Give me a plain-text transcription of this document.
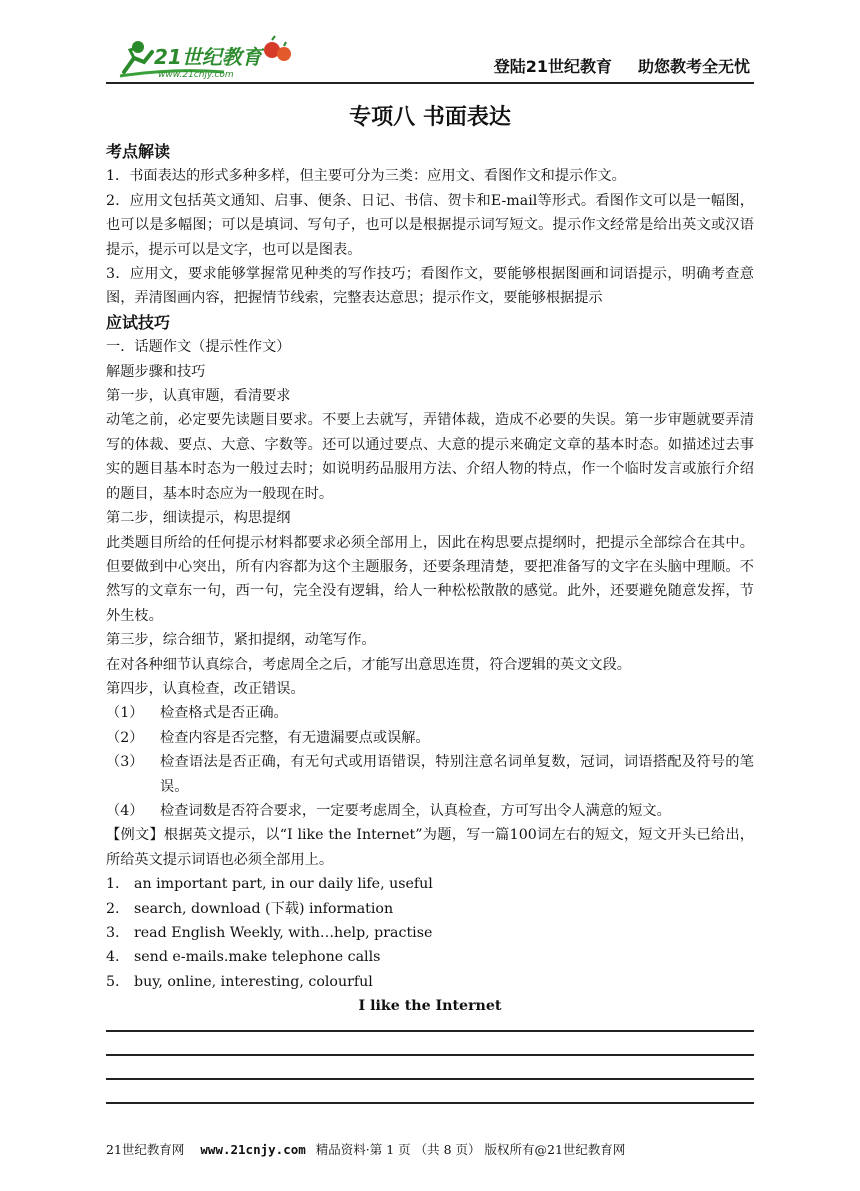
21世纪教育
www.21cnjy.com	登陆21世纪教育 助您教考全无忧
专项八 书面表达

考点解读

1．书面表达的形式多种多样，但主要可分为三类：应用文、看图作文和提示作文。

2．应用文包括英文通知、启事、便条、日记、书信、贺卡和E-mail等形式。看图作文可以是一幅图，也可以是多幅图；可以是填词、写句子，也可以是根据提示词写短文。提示作文经常是给出英文或汉语提示，提示可以是文字，也可以是图表。

3．应用文，要求能够掌握常见种类的写作技巧；看图作文，要能够根据图画和词语提示，明确考查意图，弄清图画内容，把握情节线索，完整表达意思；提示作文，要能够根据提示

应试技巧

一．话题作文（提示性作文）

解题步骤和技巧

第一步，认真审题，看清要求

动笔之前，必定要先读题目要求。不要上去就写，弄错体裁，造成不必要的失误。第一步审题就要弄清写的体裁、要点、大意、字数等。还可以通过要点、大意的提示来确定文章的基本时态。如描述过去事实的题目基本时态为一般过去时；如说明药品服用方法、介绍人物的特点，作一个临时发言或旅行介绍的题目，基本时态应为一般现在时。

第二步，细读提示，构思提纲

此类题目所给的任何提示材料都要求必须全部用上，因此在构思要点提纲时，把提示全部综合在其中。但要做到中心突出，所有内容都为这个主题服务，还要条理清楚，要把准备写的文字在头脑中理顺。不然写的文章东一句，西一句，完全没有逻辑，给人一种松松散散的感觉。此外，还要避免随意发挥，节外生枝。

第三步，综合细节，紧扣提纲，动笔写作。

在对各种细节认真综合，考虑周全之后，才能写出意思连贯，符合逻辑的英文文段。

第四步，认真检查，改正错误。

（1）	检查格式是否正确。
（2）	检查内容是否完整，有无遗漏要点或误解。
（3）	检查语法是否正确，有无句式或用语错误，特别注意名词单复数，冠词，词语搭配及符号的笔误。
（4）	检查词数是否符合要求，一定要考虑周全，认真检查，方可写出令人满意的短文。

【例文】根据英文提示，以“I like the Internet”为题，写一篇100词左右的短文，短文开头已给出，所给英文提示词语也必须全部用上。

1.	an important part, in our daily life, useful
2.	search, download (下载) information
3.	read English Weekly, with…help, practise
4.	send e-mails.make telephone calls
5.	buy, online, interesting, colourful

I like the Internet

21世纪教育网 www.21cnjy.com 精品资料·第 1 页 （共 8 页） 版权所有@21世纪教育网
